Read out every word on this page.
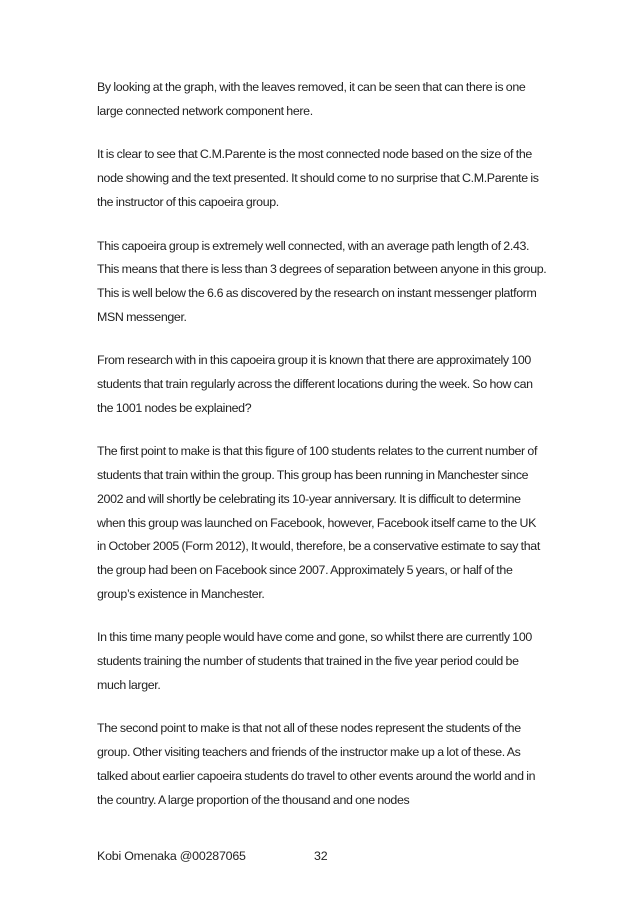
By looking at the graph, with the leaves removed, it can be seen that can there is one large connected network component here.

It is clear to see that C.M.Parente is the most connected node based on the size of the node showing and the text presented. It should come to no surprise that C.M.Parente is the instructor of this capoeira group.

This capoeira group is extremely well connected, with an average path length of 2.43. This means that there is less than 3 degrees of separation between anyone in this group. This is well below the 6.6 as discovered by the research on instant messenger platform MSN messenger.

From research with in this capoeira group it is known that there are approximately 100 students that train regularly across the different locations during the week. So how can the 1001 nodes be explained?

The first point to make is that this figure of 100 students relates to the current number of students that train within the group. This group has been running in Manchester since 2002 and will shortly be celebrating its 10-year anniversary. It is difficult to determine when this group was launched on Facebook, however, Facebook itself came to the UK in October 2005 (Form 2012), It would, therefore, be a conservative estimate to say that the group had been on Facebook since 2007. Approximately 5 years, or half of the group’s existence in Manchester.

In this time many people would have come and gone, so whilst there are currently 100 students training the number of students that trained in the five year period could be much larger.

The second point to make is that not all of these nodes represent the students of the group. Other visiting teachers and friends of the instructor make up a lot of these. As talked about earlier capoeira students do travel to other events around the world and in the country. A large proportion of the thousand and one nodes

Kobi Omenaka @00287065	32
